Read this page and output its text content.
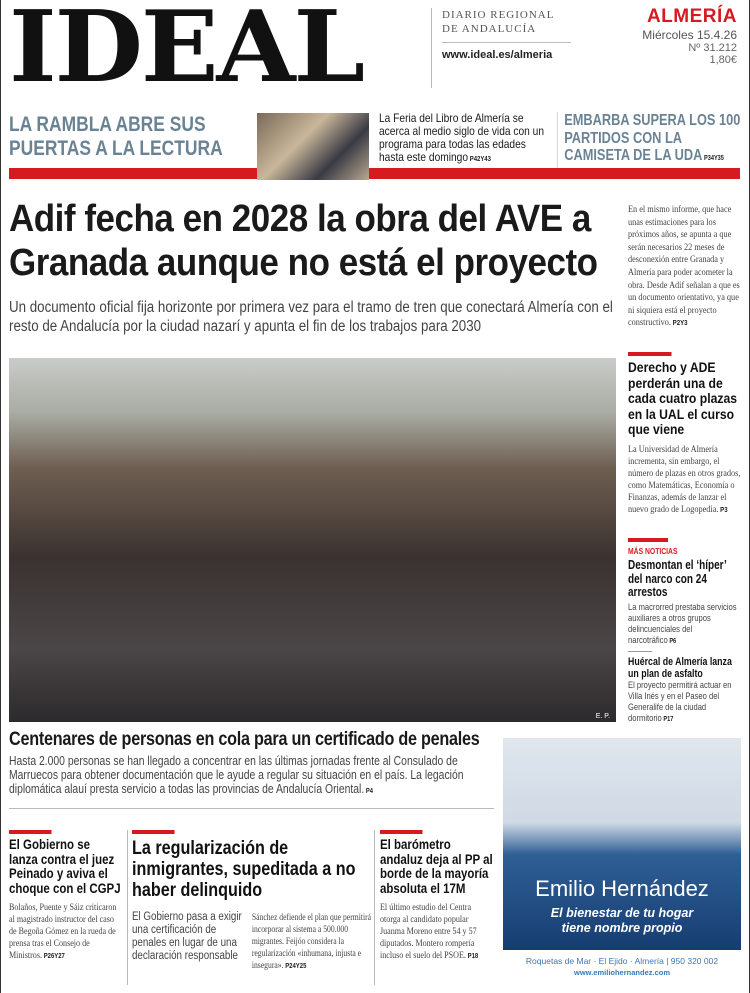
IDEAL	DIARIO REGIONAL
DE ANDALUCÍA
www.ideal.es/almeria
ALMERÍA
Miércoles 15.4.26
Nº 31.212
1,80€
LA RAMBLA ABRE SUS PUERTAS A LA LECTURA
La Feria del Libro de Almería se acerca al medio siglo de vida con un programa para todas las edades hasta este domingo P42Y43
EMBARBA SUPERA LOS 100 PARTIDOS CON LA CAMISETA DE LA UDA P34Y35
Adif fecha en 2028 la obra del AVE a Granada aunque no está el proyecto
Un documento oficial fija horizonte por primera vez para el tramo de tren que conectará Almería con el resto de Andalucía por la ciudad nazarí y apunta el fin de los trabajos para 2030
En el mismo informe, que hace unas estimaciones para los próximos años, se apunta a que serán necesarios 22 meses de desconexión entre Granada y Almería para poder acometer la obra. Desde Adif señalan a que es un documento orientativo, ya que ni siquiera está el proyecto constructivo. P2Y3
E. P.
Derecho y ADE perderán una de cada cuatro plazas en la UAL el curso que viene
La Universidad de Almería incrementa, sin embargo, el número de plazas en otros grados, como Matemáticas, Economía o Finanzas, además de lanzar el nuevo grado de Logopedia. P3
MÁS NOTICIAS
Desmontan el ‘híper’ del narco con 24 arrestos
La macrorred prestaba servicios auxiliares a otros grupos delincuenciales del narcotráfico P6
Huércal de Almería lanza un plan de asfalto
El proyecto permitirá actuar en Villa Inés y en el Paseo del Generalife de la ciudad dormitorio P17
Centenares de personas en cola para un certificado de penales
Hasta 2.000 personas se han llegado a concentrar en las últimas jornadas frente al Consulado de Marruecos para obtener documentación que le ayude a regular su situación en el país. La legación diplomática alauí presta servicio a todas las provincias de Andalucía Oriental. P4
El Gobierno se lanza contra el juez Peinado y aviva el choque con el CGPJ
Bolaños, Puente y Sáiz criticaron al magistrado instructor del caso de Begoña Gómez en la rueda de prensa tras el Consejo de Ministros. P26Y27
La regularización de inmigrantes, supeditada a no haber delinquido
El Gobierno pasa a exigir una certificación de penales en lugar de una declaración responsable
Sánchez defiende el plan que permitirá incorporar al sistema a 500.000 migrantes. Feijóo considera la regularización «inhumana, injusta e insegura». P24Y25
El barómetro andaluz deja al PP al borde de la mayoría absoluta el 17M
El último estudio del Centra otorga al candidato popular Juanma Moreno entre 54 y 57 diputados. Montero rompería incluso el suelo del PSOE. P18
Emilio Hernández
El bienestar de tu hogar
tiene nombre propio
Roquetas de Mar · El Ejido · Almería | 950 320 002
www.emiliohernandez.com
